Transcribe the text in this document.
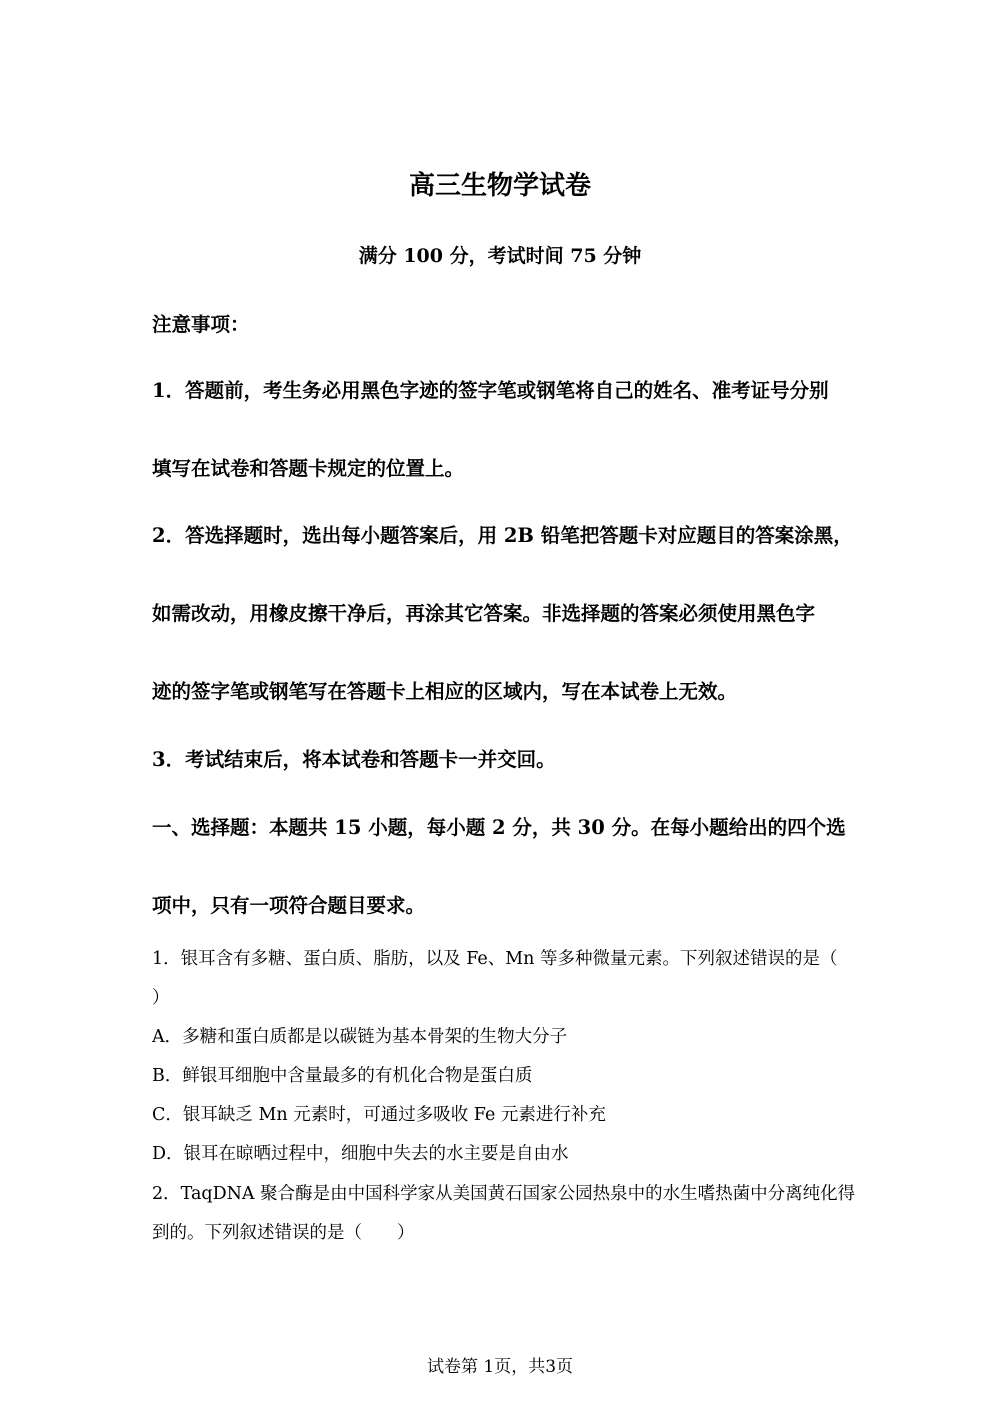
高三生物学试卷
满分 100 分，考试时间 75 分钟
注意事项：
1．答题前，考生务必用黑色字迹的签字笔或钢笔将自己的姓名、准考证号分别
填写在试卷和答题卡规定的位置上。
2．答选择题时，选出每小题答案后，用 2B 铅笔把答题卡对应题目的答案涂黑，
如需改动，用橡皮擦干净后，再涂其它答案。非选择题的答案必须使用黑色字
迹的签字笔或钢笔写在答题卡上相应的区域内，写在本试卷上无效。
3．考试结束后，将本试卷和答题卡一并交回。
一、选择题：本题共 15 小题，每小题 2 分，共 30 分。在每小题给出的四个选
项中，只有一项符合题目要求。
1．银耳含有多糖、蛋白质、脂肪，以及 Fe、Mn 等多种微量元素。下列叙述错误的是（
）
A．多糖和蛋白质都是以碳链为基本骨架的生物大分子
B．鲜银耳细胞中含量最多的有机化合物是蛋白质
C．银耳缺乏 Mn 元素时，可通过多吸收 Fe 元素进行补充
D．银耳在晾晒过程中，细胞中失去的水主要是自由水
2．TaqDNA 聚合酶是由中国科学家从美国黄石国家公园热泉中的水生嗜热菌中分离纯化得
到的。下列叙述错误的是（　　）
试卷第 1页，共3页
